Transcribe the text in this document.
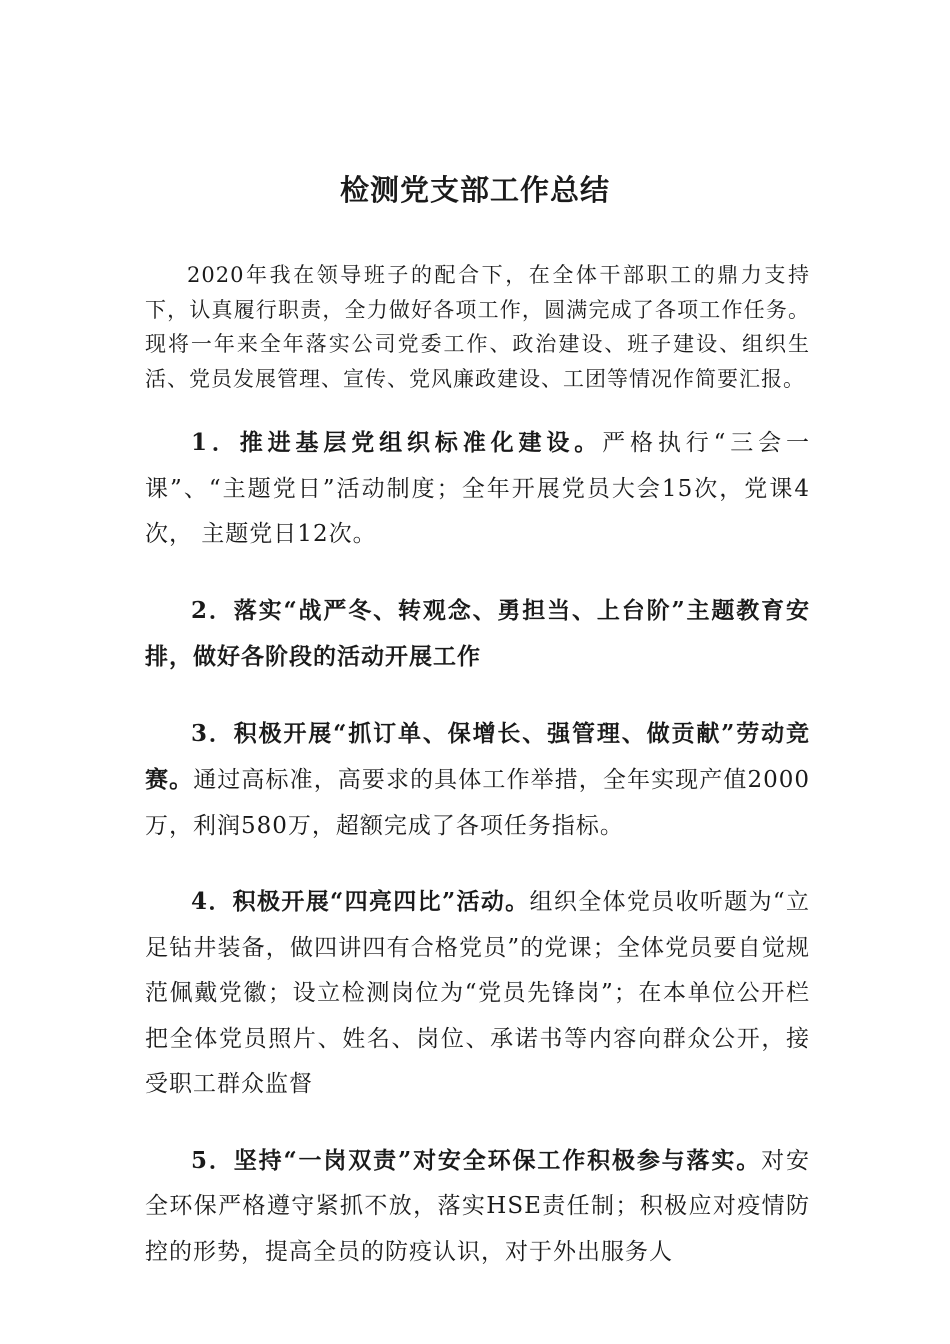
检测党支部工作总结

2020年我在领导班子的配合下，在全体干部职工的鼎力支持下，认真履行职责，全力做好各项工作，圆满完成了各项工作任务。现将一年来全年落实公司党委工作、政治建设、班子建设、组织生活、党员发展管理、宣传、党风廉政建设、工团等情况作简要汇报。

1．推进基层党组织标准化建设。严格执行“三会一课”、“主题党日”活动制度；全年开展党员大会15次，党课4次， 主题党日12次。

2．落实“战严冬、转观念、勇担当、上台阶”主题教育安排，做好各阶段的活动开展工作

3．积极开展“抓订单、保增长、强管理、做贡献”劳动竞赛。通过高标准，高要求的具体工作举措，全年实现产值2000万，利润580万，超额完成了各项任务指标。

4．积极开展“四亮四比”活动。组织全体党员收听题为“立足钻井装备，做四讲四有合格党员”的党课；全体党员要自觉规范佩戴党徽；设立检测岗位为“党员先锋岗”；在本单位公开栏把全体党员照片、姓名、岗位、承诺书等内容向群众公开，接受职工群众监督

5．坚持“一岗双责”对安全环保工作积极参与落实。对安全环保严格遵守紧抓不放，落实HSE责任制；积极应对疫情防控的形势，提高全员的防疫认识，对于外出服务人
